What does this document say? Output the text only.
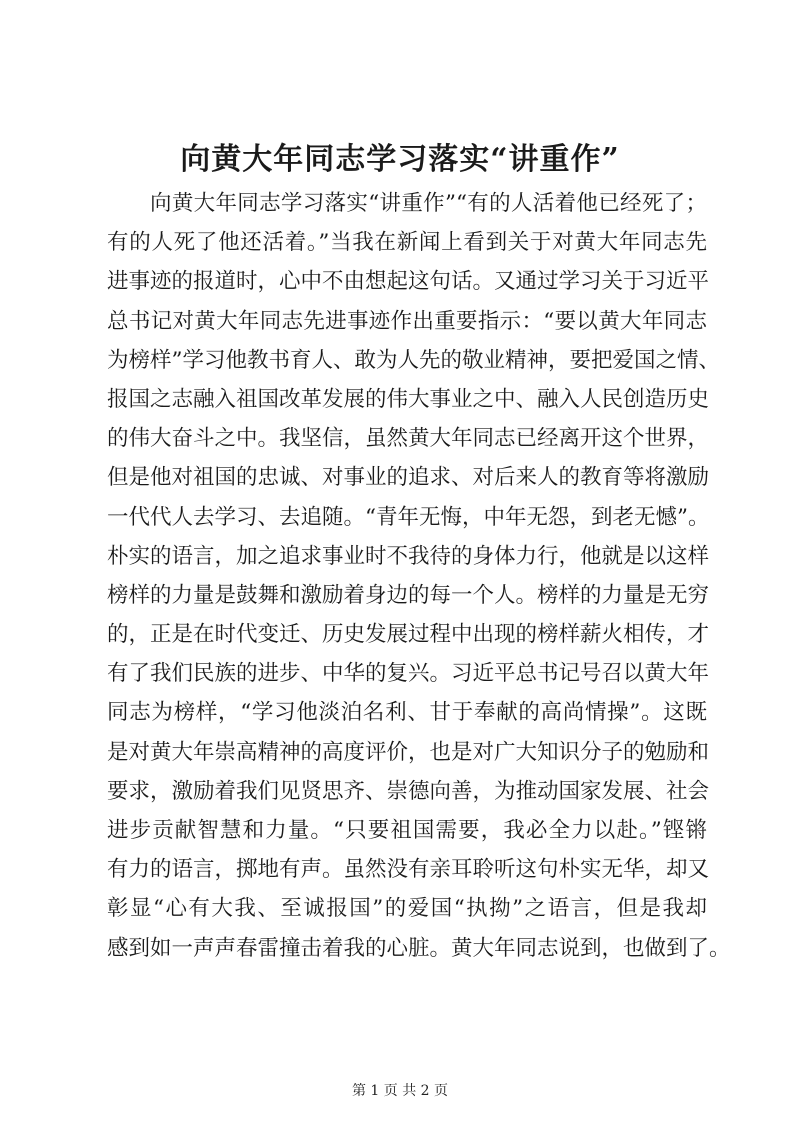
向黄大年同志学习落实“讲重作”
向黄大年同志学习落实“讲重作”“有的人活着他已经死了；
有的人死了他还活着。”当我在新闻上看到关于对黄大年同志先
进事迹的报道时，心中不由想起这句话。又通过学习关于习近平
总书记对黄大年同志先进事迹作出重要指示：“要以黄大年同志
为榜样”学习他教书育人、敢为人先的敬业精神，要把爱国之情、
报国之志融入祖国改革发展的伟大事业之中、融入人民创造历史
的伟大奋斗之中。我坚信，虽然黄大年同志已经离开这个世界，
但是他对祖国的忠诚、对事业的追求、对后来人的教育等将激励
一代代人去学习、去追随。“青年无悔，中年无怨，到老无憾”。
朴实的语言，加之追求事业时不我待的身体力行，他就是以这样
榜样的力量是鼓舞和激励着身边的每一个人。榜样的力量是无穷
的，正是在时代变迁、历史发展过程中出现的榜样薪火相传，才
有了我们民族的进步、中华的复兴。习近平总书记号召以黄大年
同志为榜样，“学习他淡泊名利、甘于奉献的高尚情操”。这既
是对黄大年崇高精神的高度评价，也是对广大知识分子的勉励和
要求，激励着我们见贤思齐、崇德向善，为推动国家发展、社会
进步贡献智慧和力量。“只要祖国需要，我必全力以赴。”铿锵
有力的语言，掷地有声。虽然没有亲耳聆听这句朴实无华，却又
彰显“心有大我、至诚报国”的爱国“执拗”之语言，但是我却
感到如一声声春雷撞击着我的心脏。黄大年同志说到，也做到了。
第 1 页 共 2 页
